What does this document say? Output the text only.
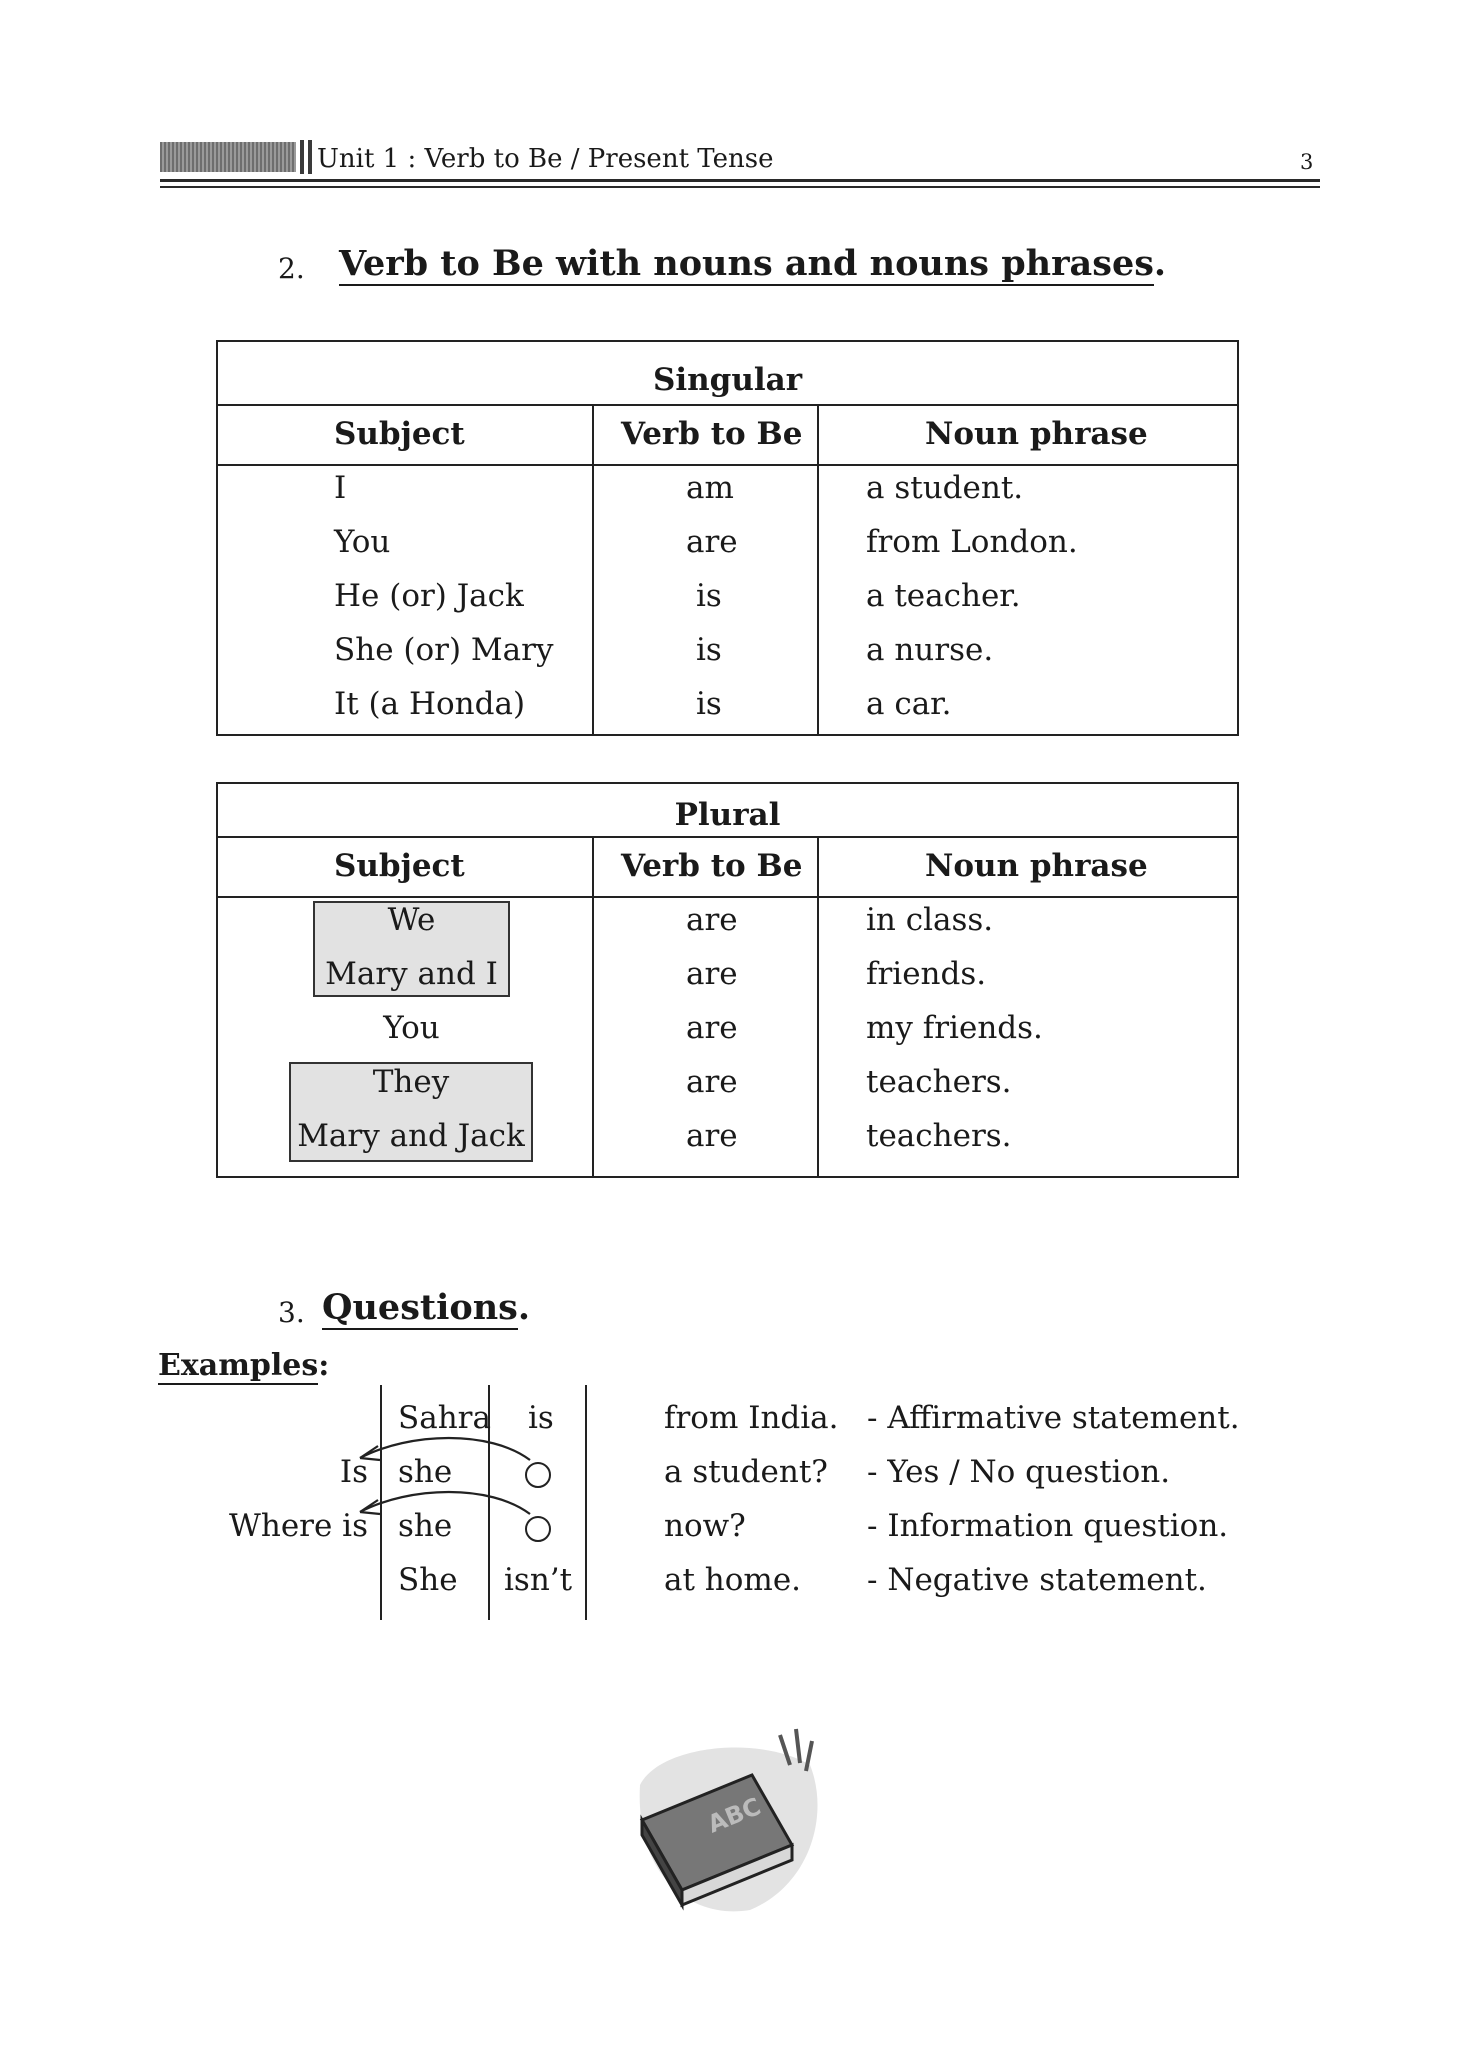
Unit 1 : Verb to Be / Present Tense	3
2. Verb to Be with nouns and nouns phrases.
Singular
Subject	Verb to Be	Noun phrase
I	am	a student.
You	are	from London.
He (or) Jack	is	a teacher.
She (or) Mary	is	a nurse.
It (a Honda)	is	a car.
Plural
Subject	Verb to Be	Noun phrase
We	are	in class.
Mary and I	are	friends.
You	are	my friends.
They	are	teachers.
Mary and Jack	are	teachers.
3. Questions.
Examples:
Sahra is	from India. - Affirmative statement.
Is she	a student? - Yes / No question.
Where is she	now?	- Information question.
She isn’t	at home. - Negative statement.
ABC
